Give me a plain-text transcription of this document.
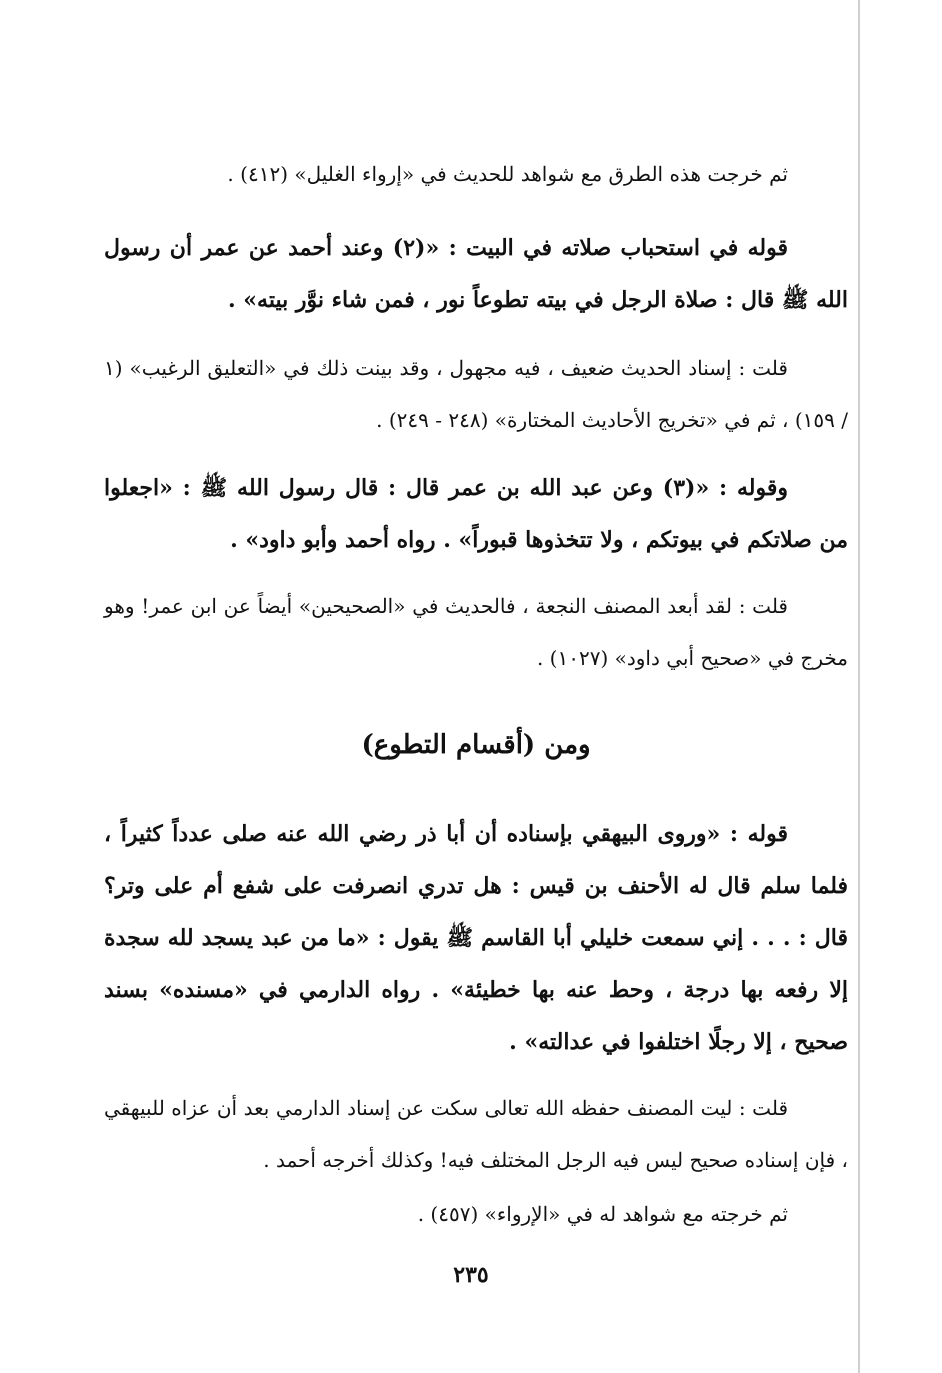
ثم خرجت هذه الطرق مع شواهد للحديث في «إرواء الغليل» (٤١٢) .

قوله في استحباب صلاته في البيت : «(٢) وعند أحمد عن عمر أن رسول الله ﷺ قال : صلاة الرجل في بيته تطوعاً نور ، فمن شاء نوَّر بيته» .

قلت : إسناد الحديث ضعيف ، فيه مجهول ، وقد بينت ذلك في «التعليق الرغيب» (١ / ١٥٩) ، ثم في «تخريج الأحاديث المختارة» (٢٤٨ - ٢٤٩) .

وقوله : «(٣) وعن عبد الله بن عمر قال : قال رسول الله ﷺ : «اجعلوا من صلاتكم في بيوتكم ، ولا تتخذوها قبوراً» . رواه أحمد وأبو داود» .

قلت : لقد أبعد المصنف النجعة ، فالحديث في «الصحيحين» أيضاً عن ابن عمر! وهو مخرج في «صحيح أبي داود» (١٠٢٧) .

ومن (أقسام التطوع)

قوله : «وروى البيهقي بإسناده أن أبا ذر رضي الله عنه صلى عدداً كثيراً ، فلما سلم قال له الأحنف بن قيس : هل تدري انصرفت على شفع أم على وتر؟ قال : . . . إني سمعت خليلي أبا القاسم ﷺ يقول : «ما من عبد يسجد لله سجدة إلا رفعه بها درجة ، وحط عنه بها خطيئة» . رواه الدارمي في «مسنده» بسند صحيح ، إلا رجلًا اختلفوا في عدالته» .

قلت : ليت المصنف حفظه الله تعالى سكت عن إسناد الدارمي بعد أن عزاه للبيهقي ، فإن إسناده صحيح ليس فيه الرجل المختلف فيه! وكذلك أخرجه أحمد .

ثم خرجته مع شواهد له في «الإرواء» (٤٥٧) .

٢٣٥
